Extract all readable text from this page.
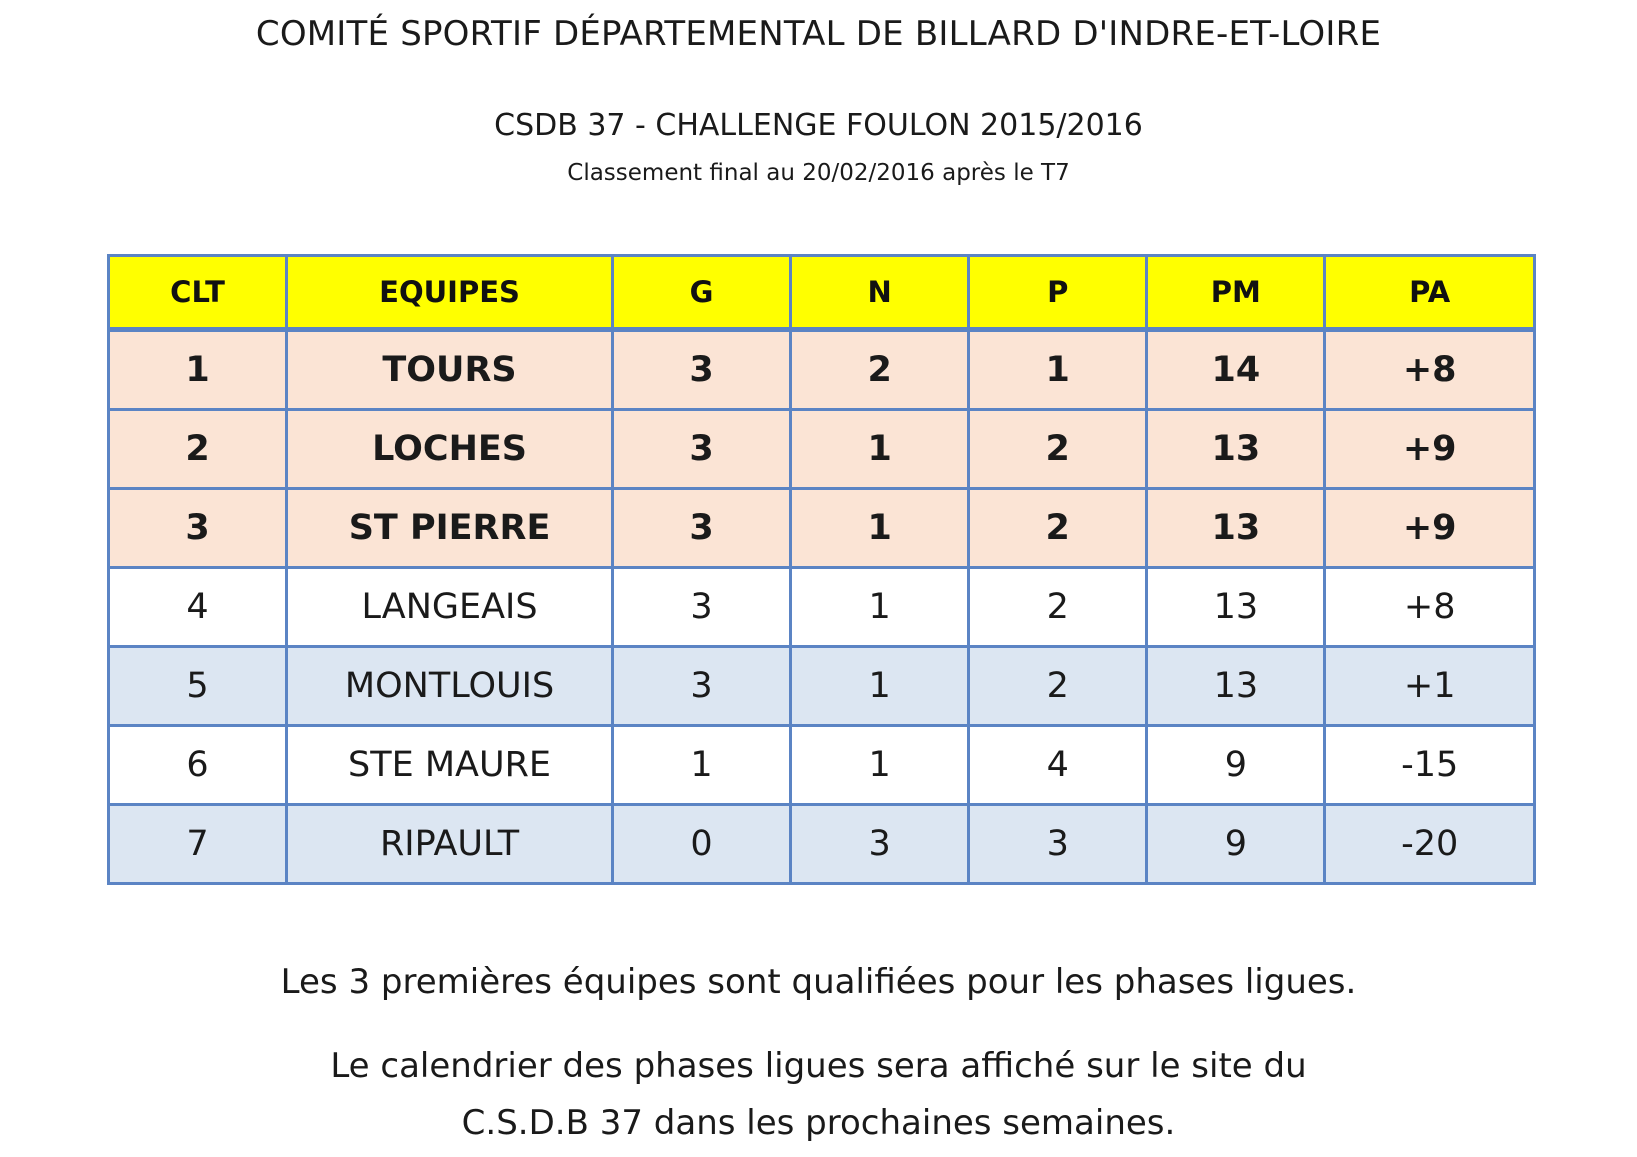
COMITÉ SPORTIF DÉPARTEMENTAL DE BILLARD D'INDRE-ET-LOIRE
CSDB 37 - CHALLENGE FOULON 2015/2016
Classement final au 20/02/2016 après le T7
CLT	EQUIPES	G	N	P	PM	PA
1	TOURS	3	2	1	14	+8
2	LOCHES	3	1	2	13	+9
3	ST PIERRE	3	1	2	13	+9
4	LANGEAIS	3	1	2	13	+8
5	MONTLOUIS	3	1	2	13	+1
6	STE MAURE	1	1	4	9	-15
7	RIPAULT	0	3	3	9	-20
Les 3 premières équipes sont qualifiées pour les phases ligues.
Le calendrier des phases ligues sera affiché sur le site du
C.S.D.B 37 dans les prochaines semaines.
